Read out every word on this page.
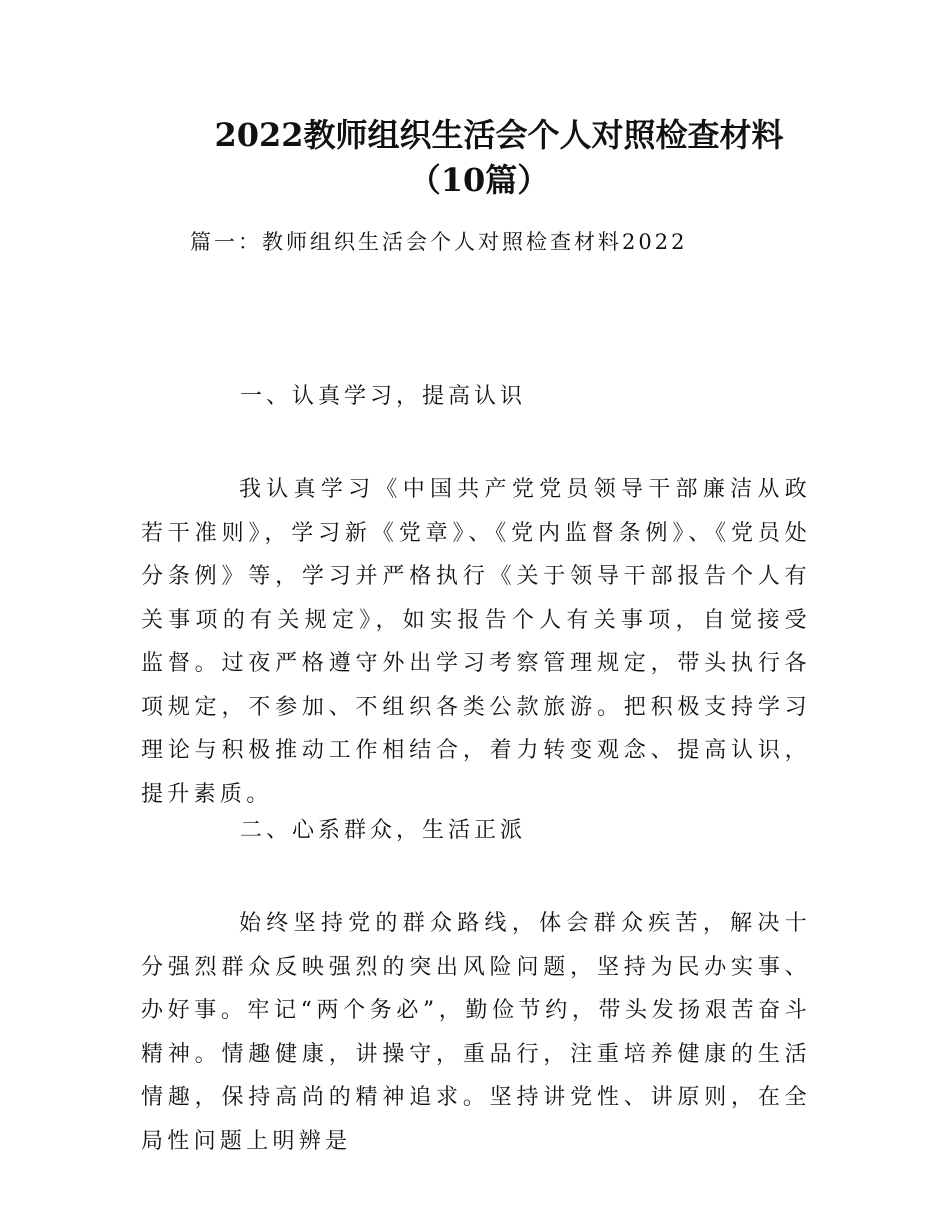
2022教师组织生活会个人对照检查材料
（10篇）

篇一：教师组织生活会个人对照检查材料2022

一、认真学习，提高认识

我认真学习《中国共产党党员领导干部廉洁从政若干准则》，学习新《党章》、《党内监督条例》、《党员处分条例》等，学习并严格执行《关于领导干部报告个人有关事项的有关规定》，如实报告个人有关事项，自觉接受监督。过夜严格遵守外出学习考察管理规定，带头执行各项规定，不参加、不组织各类公款旅游。把积极支持学习理论与积极推动工作相结合，着力转变观念、提高认识，提升素质。

二、心系群众，生活正派

始终坚持党的群众路线，体会群众疾苦，解决十分强烈群众反映强烈的突出风险问题，坚持为民办实事、办好事。牢记“两个务必”，勤俭节约，带头发扬艰苦奋斗精神。情趣健康，讲操守，重品行，注重培养健康的生活情趣，保持高尚的精神追求。坚持讲党性、讲原则，在全局性问题上明辨是
